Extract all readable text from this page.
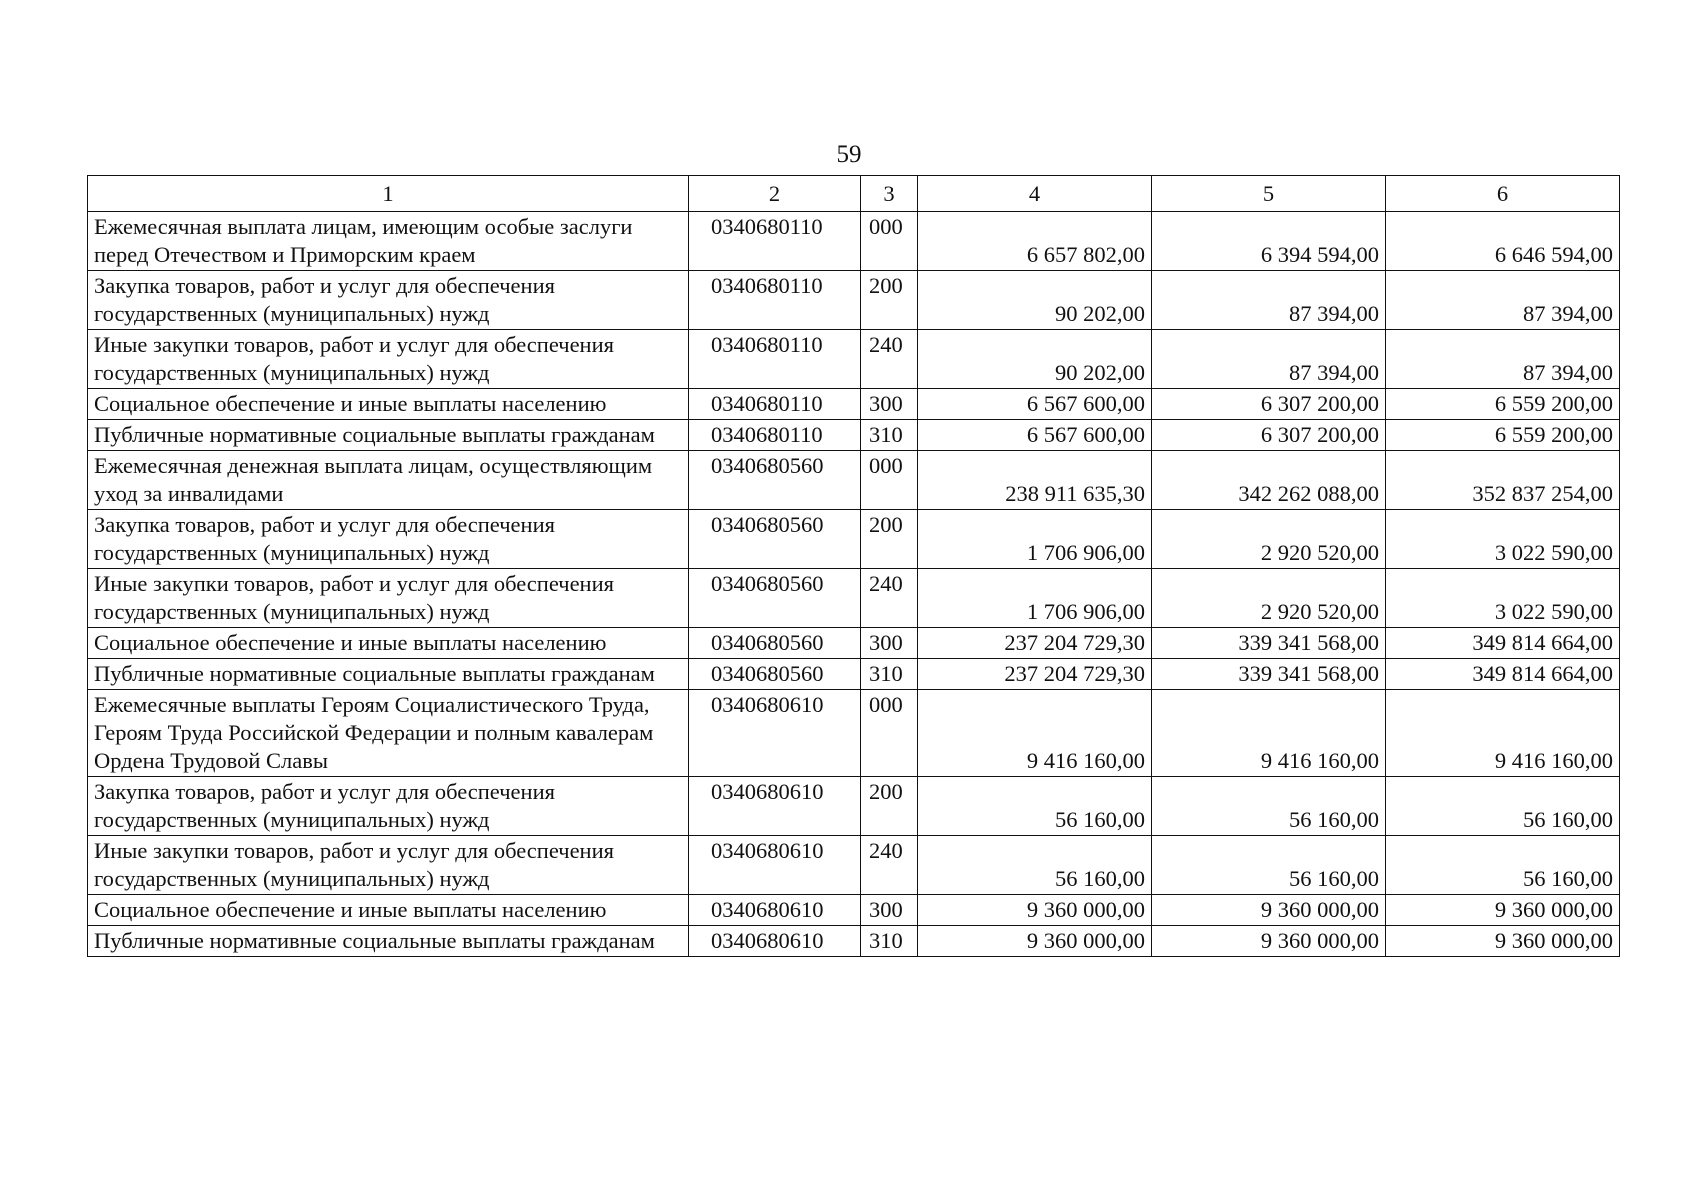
59
1	2	3	4	5	6
Ежемесячная выплата лицам, имеющим особые заслуги перед Отечеством и Приморским краем	0340680110	000	6 657 802,00	6 394 594,00	6 646 594,00
Закупка товаров, работ и услуг для обеспечения государственных (муниципальных) нужд	0340680110	200	90 202,00	87 394,00	87 394,00
Иные закупки товаров, работ и услуг для обеспечения государственных (муниципальных) нужд	0340680110	240	90 202,00	87 394,00	87 394,00
Социальное обеспечение и иные выплаты населению	0340680110	300	6 567 600,00	6 307 200,00	6 559 200,00
Публичные нормативные социальные выплаты гражданам	0340680110	310	6 567 600,00	6 307 200,00	6 559 200,00
Ежемесячная денежная выплата лицам, осуществляющим уход за инвалидами	0340680560	000	238 911 635,30	342 262 088,00	352 837 254,00
Закупка товаров, работ и услуг для обеспечения государственных (муниципальных) нужд	0340680560	200	1 706 906,00	2 920 520,00	3 022 590,00
Иные закупки товаров, работ и услуг для обеспечения государственных (муниципальных) нужд	0340680560	240	1 706 906,00	2 920 520,00	3 022 590,00
Социальное обеспечение и иные выплаты населению	0340680560	300	237 204 729,30	339 341 568,00	349 814 664,00
Публичные нормативные социальные выплаты гражданам	0340680560	310	237 204 729,30	339 341 568,00	349 814 664,00
Ежемесячные выплаты Героям Социалистического Труда, Героям Труда Российской Федерации и полным кавалерам Ордена Трудовой Славы	0340680610	000	9 416 160,00	9 416 160,00	9 416 160,00
Закупка товаров, работ и услуг для обеспечения государственных (муниципальных) нужд	0340680610	200	56 160,00	56 160,00	56 160,00
Иные закупки товаров, работ и услуг для обеспечения государственных (муниципальных) нужд	0340680610	240	56 160,00	56 160,00	56 160,00
Социальное обеспечение и иные выплаты населению	0340680610	300	9 360 000,00	9 360 000,00	9 360 000,00
Публичные нормативные социальные выплаты гражданам	0340680610	310	9 360 000,00	9 360 000,00	9 360 000,00
